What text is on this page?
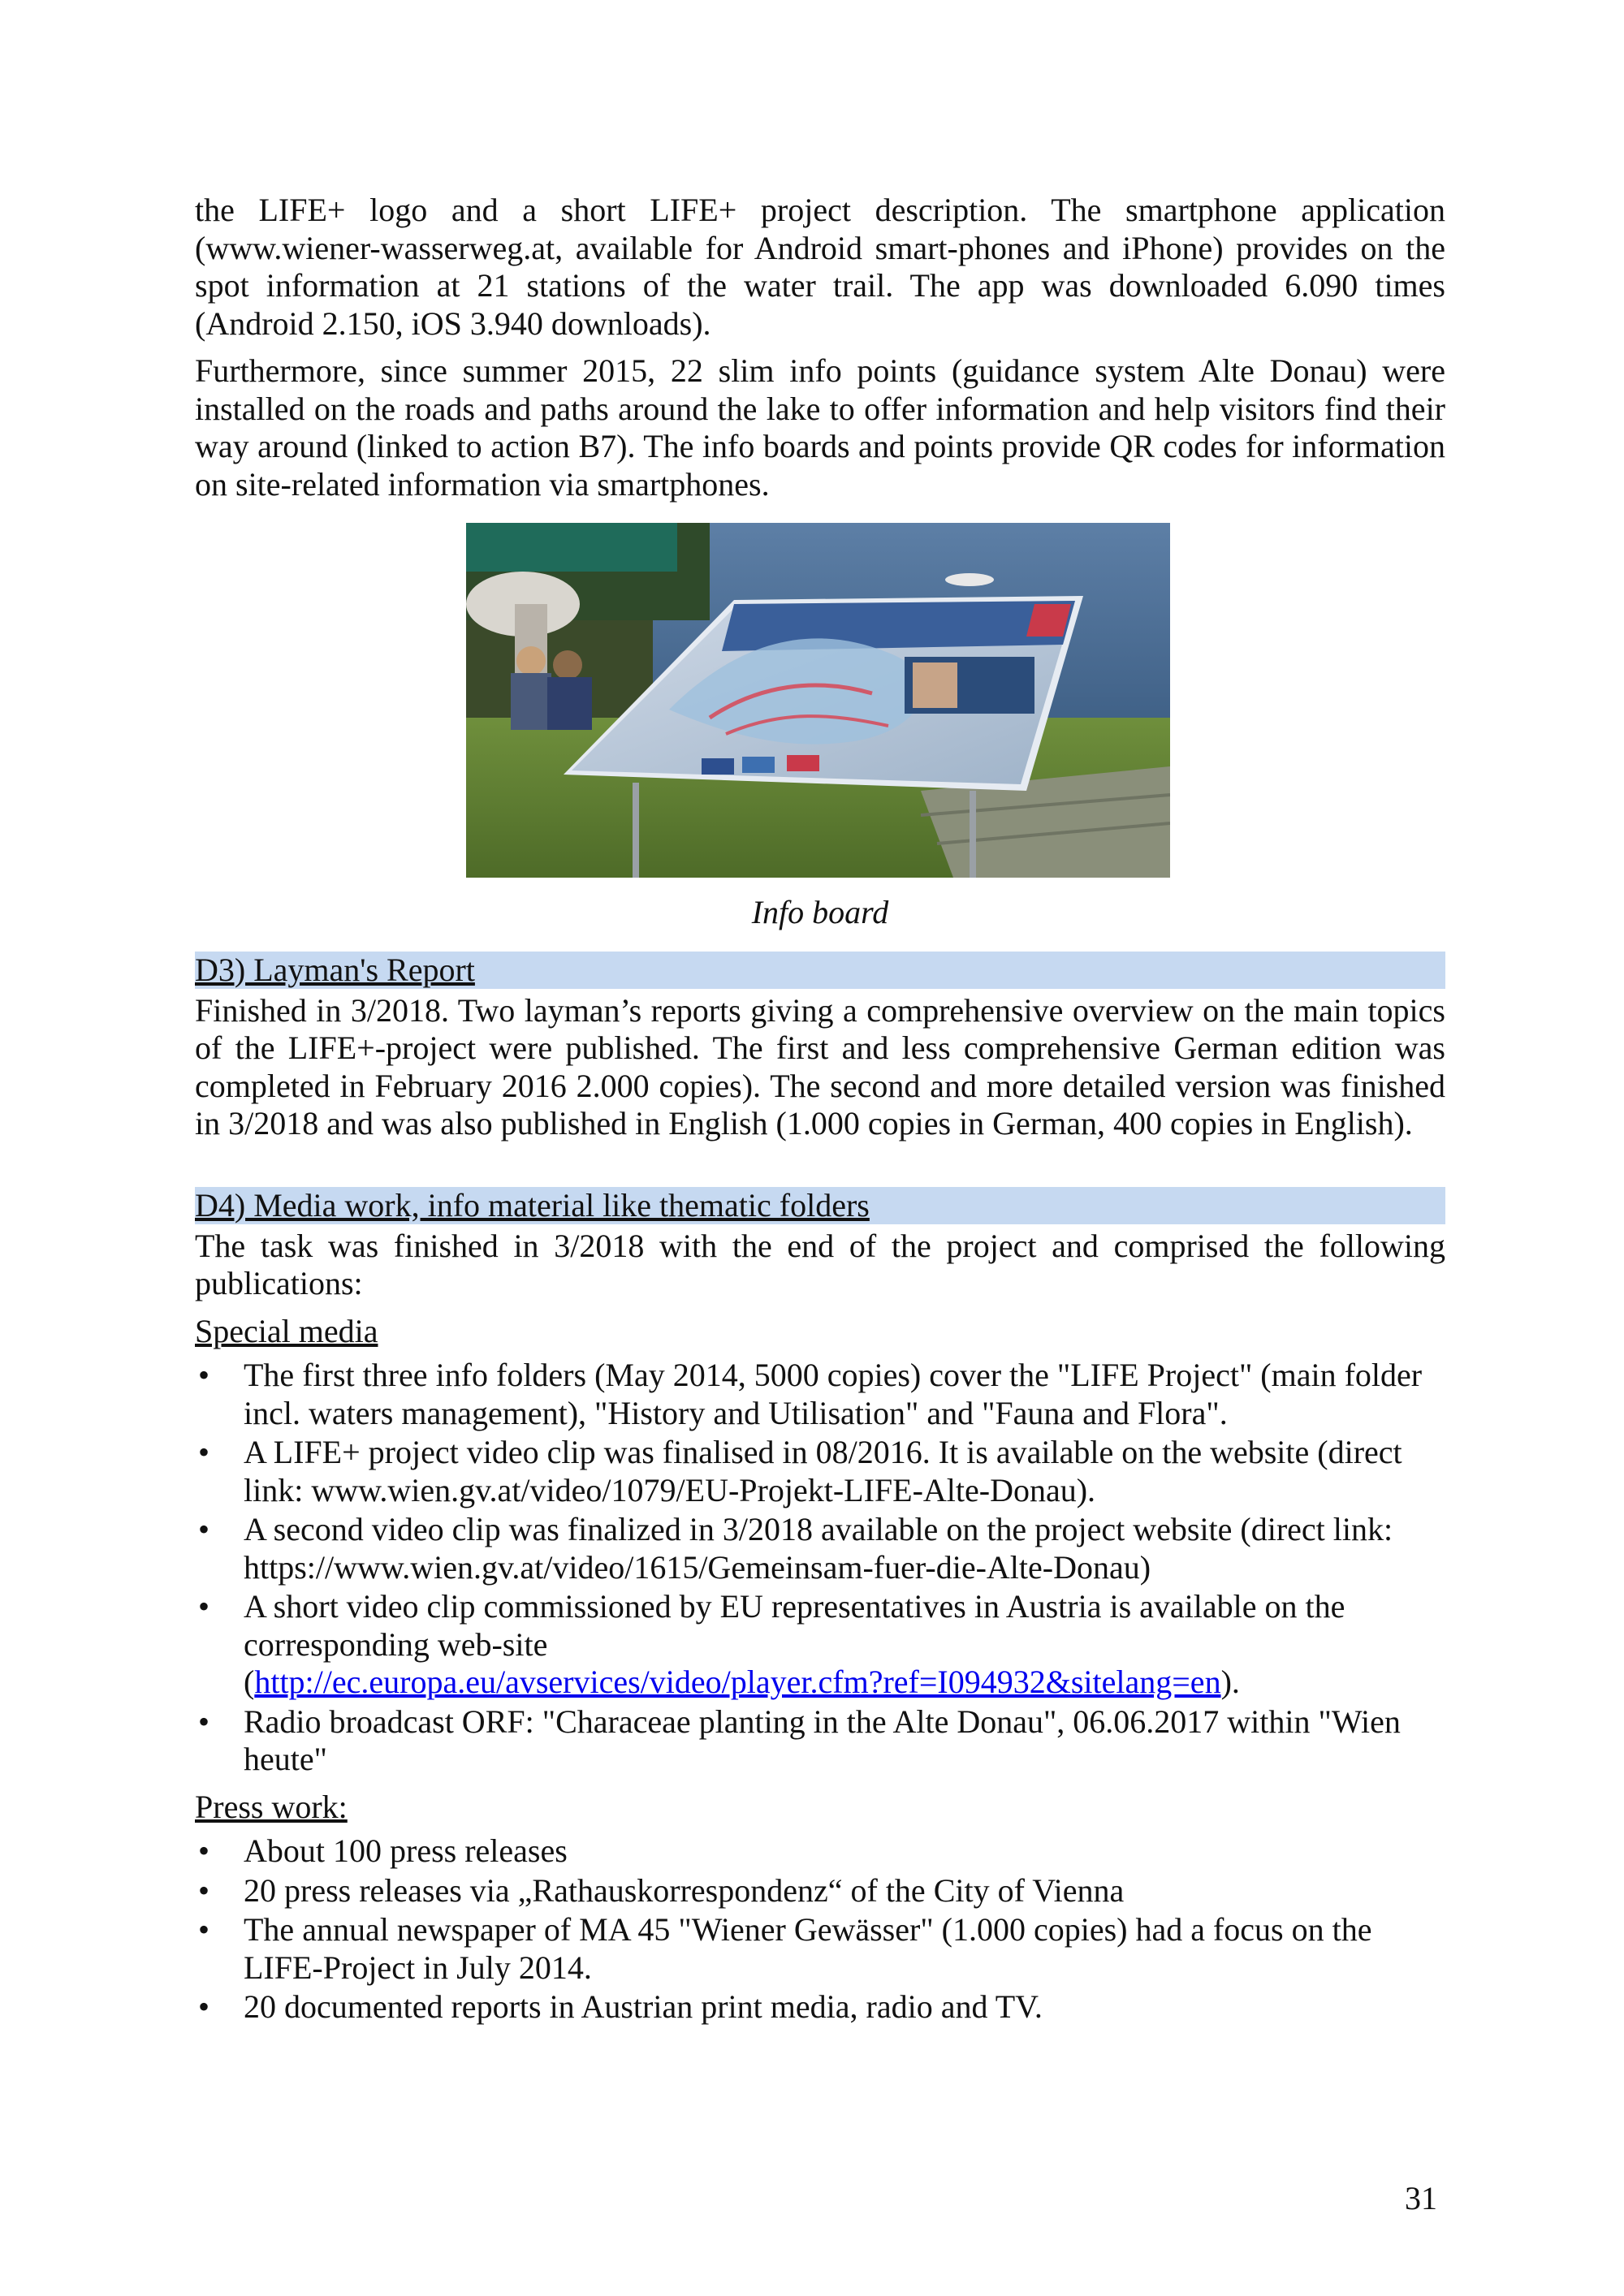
the LIFE+ logo and a short LIFE+ project description. The smartphone application (www.wiener-wasserweg.at, available for Android smart-phones and iPhone) provides on the spot information at 21 stations of the water trail. The app was downloaded 6.090 times (Android 2.150, iOS 3.940 downloads).

Furthermore, since summer 2015, 22 slim info points (guidance system Alte Donau) were installed on the roads and paths around the lake to offer information and help visitors find their way around (linked to action B7). The info boards and points provide QR codes for information on site-related information via smartphones.

Info board
D3) Layman's Report

Finished in 3/2018. Two layman’s reports giving a comprehensive overview on the main topics of the LIFE+-project were published. The first and less comprehensive German edition was completed in February 2016 2.000 copies). The second and more detailed version was finished in 3/2018 and was also published in English (1.000 copies in German, 400 copies in English).

D4) Media work, info material like thematic folders

The task was finished in 3/2018 with the end of the project and comprised the following publications:

Special media
• The first three info folders (May 2014, 5000 copies) cover the "LIFE Project" (main folder incl. waters management), "History and Utilisation" and "Fauna and Flora".
• A LIFE+ project video clip was finalised in 08/2016. It is available on the website (direct link: www.wien.gv.at/video/1079/EU-Projekt-LIFE-Alte-Donau).
• A second video clip was finalized in 3/2018 available on the project website (direct link: https://www.wien.gv.at/video/1615/Gemeinsam-fuer-die-Alte-Donau)
• A short video clip commissioned by EU representatives in Austria is available on the corresponding web-site
(http://ec.europa.eu/avservices/video/player.cfm?ref=I094932&sitelang=en).
• Radio broadcast ORF: "Characeae planting in the Alte Donau", 06.06.2017 within "Wien heute"
Press work:
• About 100 press releases
• 20 press releases via „Rathauskorrespondenz“ of the City of Vienna
• The annual newspaper of MA 45 "Wiener Gewässer" (1.000 copies) had a focus on the LIFE-Project in July 2014.
• 20 documented reports in Austrian print media, radio and TV.
31
